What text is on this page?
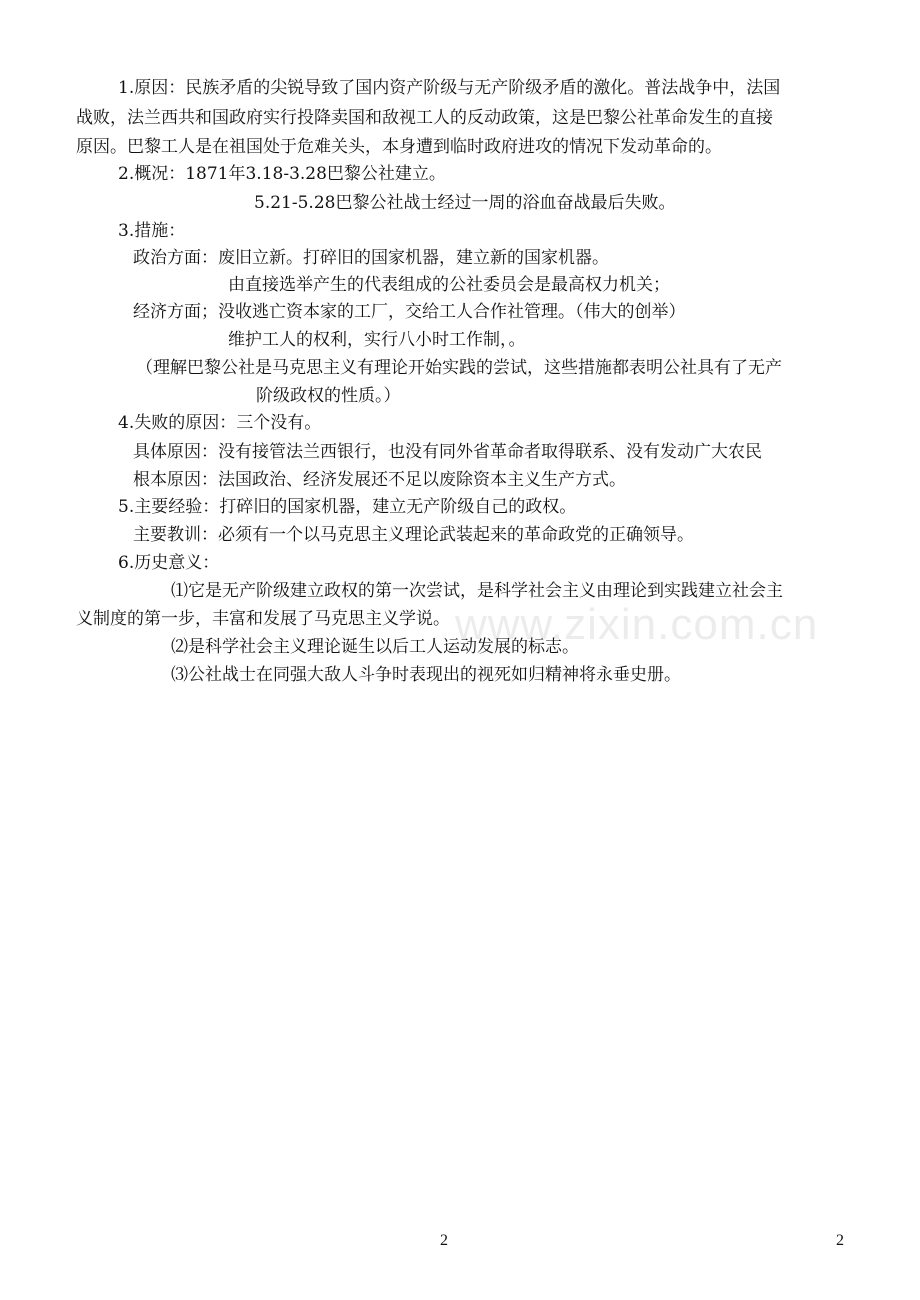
www.zixin.com.cn
1.原因：民族矛盾的尖锐导致了国内资产阶级与无产阶级矛盾的激化。普法战争中，法国
战败，法兰西共和国政府实行投降卖国和敌视工人的反动政策，这是巴黎公社革命发生的直接
原因。巴黎工人是在祖国处于危难关头，本身遭到临时政府进攻的情况下发动革命的。
2.概况：1871年3.18-3.28巴黎公社建立。
5.21-5.28巴黎公社战士经过一周的浴血奋战最后失败。
3.措施：
政治方面：废旧立新。打碎旧的国家机器，建立新的国家机器。
由直接选举产生的代表组成的公社委员会是最高权力机关；
经济方面；没收逃亡资本家的工厂，交给工人合作社管理。（伟大的创举）
维护工人的权利，实行八小时工作制，。
（理解巴黎公社是马克思主义有理论开始实践的尝试，这些措施都表明公社具有了无产
阶级政权的性质。）
4.失败的原因：三个没有。
具体原因：没有接管法兰西银行，也没有同外省革命者取得联系、没有发动广大农民
根本原因：法国政治、经济发展还不足以废除资本主义生产方式。
5.主要经验：打碎旧的国家机器，建立无产阶级自己的政权。
主要教训：必须有一个以马克思主义理论武装起来的革命政党的正确领导。
6.历史意义：
⑴它是无产阶级建立政权的第一次尝试，是科学社会主义由理论到实践建立社会主
义制度的第一步，丰富和发展了马克思主义学说。
⑵是科学社会主义理论诞生以后工人运动发展的标志。
⑶公社战士在同强大敌人斗争时表现出的视死如归精神将永垂史册。
2	2
